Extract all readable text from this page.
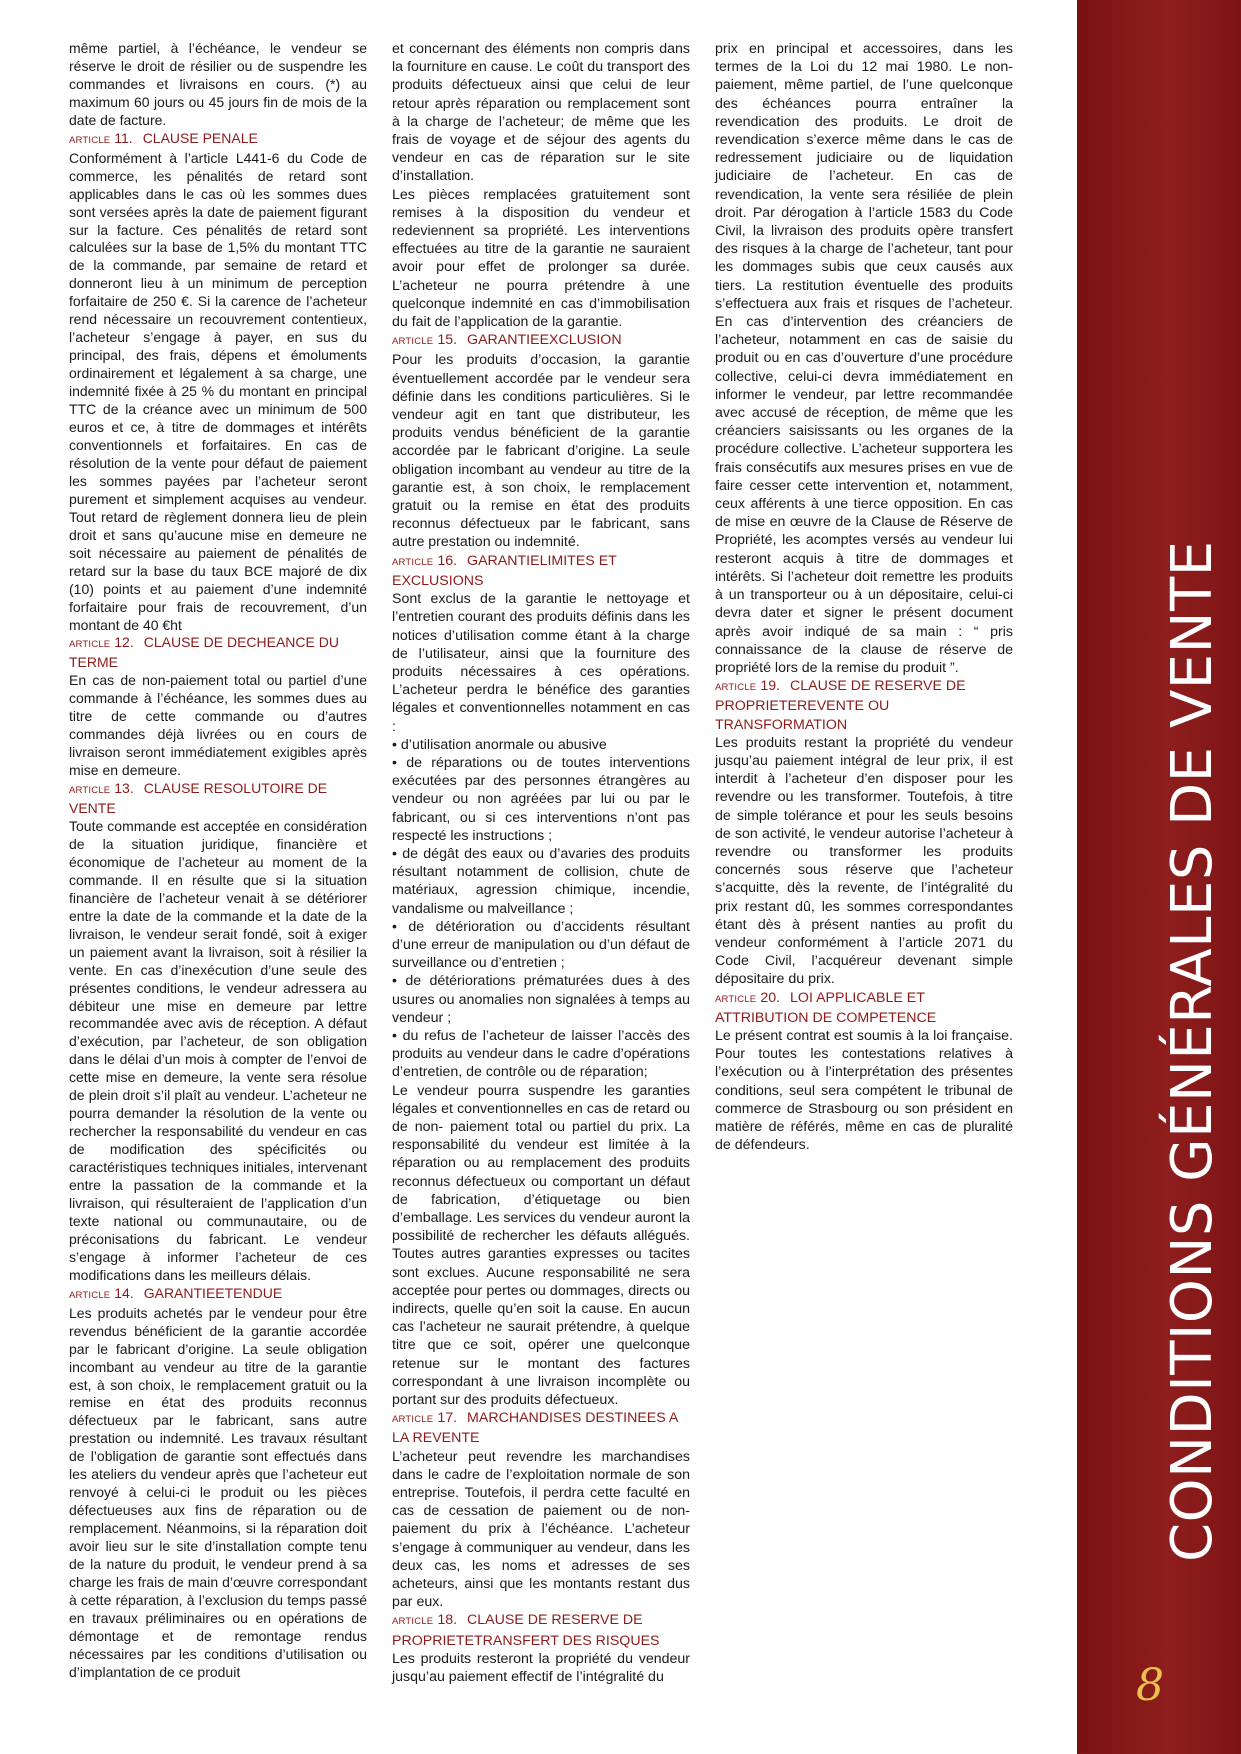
même partiel, à l’échéance, le vendeur se réserve le droit de résilier ou de suspendre les commandes et livraisons en cours. (*) au maximum 60 jours ou 45 jours fin de mois de la date de facture.

ARTICLE 11. CLAUSE PENALE

Conformément à l’article L441-6 du Code de commerce, les pénalités de retard sont applicables dans le cas où les sommes dues sont versées après la date de paiement figurant sur la facture. Ces pénalités de retard sont calculées sur la base de 1,5% du montant TTC de la commande, par semaine de retard et donneront lieu à un minimum de perception forfaitaire de 250 €. Si la carence de l’acheteur rend nécessaire un recouvrement contentieux, l’acheteur s’engage à payer, en sus du principal, des frais, dépens et émoluments ordinairement et légalement à sa charge, une indemnité fixée à 25 % du montant en principal TTC de la créance avec un minimum de 500 euros et ce, à titre de dommages et intérêts conventionnels et forfaitaires. En cas de résolution de la vente pour défaut de paiement les sommes payées par l’acheteur seront purement et simplement acquises au vendeur. Tout retard de règlement donnera lieu de plein droit et sans qu’aucune mise en demeure ne soit nécessaire au paiement de pénalités de retard sur la base du taux BCE majoré de dix (10) points et au paiement d’une indemnité forfaitaire pour frais de recouvrement, d’un montant de 40 €ht

ARTICLE 12. CLAUSE DE DECHEANCE DU TERME

En cas de non-paiement total ou partiel d’une commande à l’échéance, les sommes dues au titre de cette commande ou d’autres commandes déjà livrées ou en cours de livraison seront immédiatement exigibles après mise en demeure.

ARTICLE 13. CLAUSE RESOLUTOIRE DE VENTE

Toute commande est acceptée en considération de la situation juridique, financière et économique de l’acheteur au moment de la commande. Il en résulte que si la situation financière de l’acheteur venait à se détériorer entre la date de la commande et la date de la livraison, le vendeur serait fondé, soit à exiger un paiement avant la livraison, soit à résilier la vente. En cas d’inexécution d’une seule des présentes conditions, le vendeur adressera au débiteur une mise en demeure par lettre recommandée avec avis de réception. A défaut d’exécution, par l’acheteur, de son obligation dans le délai d’un mois à compter de l’envoi de cette mise en demeure, la vente sera résolue de plein droit s’il plaît au vendeur. L’acheteur ne pourra demander la résolution de la vente ou rechercher la responsabilité du vendeur en cas de modification des spécificités ou caractéristiques techniques initiales, intervenant entre la passation de la commande et la livraison, qui résulteraient de l’application d’un texte national ou communautaire, ou de préconisations du fabricant. Le vendeur s’engage à informer l’acheteur de ces modifications dans les meilleurs délais.

ARTICLE 14. GARANTIEETENDUE

Les produits achetés par le vendeur pour être revendus bénéficient de la garantie accordée par le fabricant d’origine. La seule obligation incombant au vendeur au titre de la garantie est, à son choix, le remplacement gratuit ou la remise en état des produits reconnus défectueux par le fabricant, sans autre prestation ou indemnité. Les travaux résultant de l’obligation de garantie sont effectués dans les ateliers du vendeur après que l’acheteur eut renvoyé à celui-ci le produit ou les pièces défectueuses aux fins de réparation ou de remplacement. Néanmoins, si la réparation doit avoir lieu sur le site d’installation compte tenu de la nature du produit, le vendeur prend à sa charge les frais de main d’œuvre correspondant à cette réparation, à l’exclusion du temps passé en travaux préliminaires ou en opérations de démontage et de remontage rendus nécessaires par les conditions d’utilisation ou d’implantation de ce produit

et concernant des éléments non compris dans la fourniture en cause. Le coût du transport des produits défectueux ainsi que celui de leur retour après réparation ou remplacement sont à la charge de l’acheteur; de même que les frais de voyage et de séjour des agents du vendeur en cas de réparation sur le site d’installation.

Les pièces remplacées gratuitement sont remises à la disposition du vendeur et redeviennent sa propriété. Les interventions effectuées au titre de la garantie ne sauraient avoir pour effet de prolonger sa durée. L’acheteur ne pourra prétendre à une quelconque indemnité en cas d’immobilisation du fait de l’application de la garantie.

ARTICLE 15. GARANTIEEXCLUSION

Pour les produits d’occasion, la garantie éventuellement accordée par le vendeur sera définie dans les conditions particulières. Si le vendeur agit en tant que distributeur, les produits vendus bénéficient de la garantie accordée par le fabricant d’origine. La seule obligation incombant au vendeur au titre de la garantie est, à son choix, le remplacement gratuit ou la remise en état des produits reconnus défectueux par le fabricant, sans autre prestation ou indemnité.

ARTICLE 16. GARANTIELIMITES ET EXCLUSIONS

Sont exclus de la garantie le nettoyage et l’entretien courant des produits définis dans les notices d’utilisation comme étant à la charge de l’utilisateur, ainsi que la fourniture des produits nécessaires à ces opérations. L’acheteur perdra le bénéfice des garanties légales et conventionnelles notamment en cas :

• d’utilisation anormale ou abusive

• de réparations ou de toutes interventions exécutées par des personnes étrangères au vendeur ou non agréées par lui ou par le fabricant, ou si ces interventions n’ont pas respecté les instructions ;

• de dégât des eaux ou d’avaries des produits résultant notamment de collision, chute de matériaux, agression chimique, incendie, vandalisme ou malveillance ;

• de détérioration ou d’accidents résultant d’une erreur de manipulation ou d’un défaut de surveillance ou d’entretien ;

• de détériorations prématurées dues à des usures ou anomalies non signalées à temps au vendeur ;

• du refus de l’acheteur de laisser l’accès des produits au vendeur dans le cadre d’opérations d’entretien, de contrôle ou de réparation;

Le vendeur pourra suspendre les garanties légales et conventionnelles en cas de retard ou de non- paiement total ou partiel du prix. La responsabilité du vendeur est limitée à la réparation ou au remplacement des produits reconnus défectueux ou comportant un défaut de fabrication, d’étiquetage ou bien d’emballage. Les services du vendeur auront la possibilité de rechercher les défauts allégués. Toutes autres garanties expresses ou tacites sont exclues. Aucune responsabilité ne sera acceptée pour pertes ou dommages, directs ou indirects, quelle qu’en soit la cause. En aucun cas l’acheteur ne saurait prétendre, à quelque titre que ce soit, opérer une quelconque retenue sur le montant des factures correspondant à une livraison incomplète ou portant sur des produits défectueux.

ARTICLE 17. MARCHANDISES DESTINEES A LA REVENTE

L’acheteur peut revendre les marchandises dans le cadre de l’exploitation normale de son entreprise. Toutefois, il perdra cette faculté en cas de cessation de paiement ou de non-paiement du prix à l’échéance. L’acheteur s’engage à communiquer au vendeur, dans les deux cas, les noms et adresses de ses acheteurs, ainsi que les montants restant dus par eux.

ARTICLE 18. CLAUSE DE RESERVE DE PROPRIETETRANSFERT DES RISQUES

Les produits resteront la propriété du vendeur jusqu’au paiement effectif de l’intégralité du

prix en principal et accessoires, dans les termes de la Loi du 12 mai 1980. Le non-paiement, même partiel, de l’une quelconque des échéances pourra entraîner la revendication des produits. Le droit de revendication s’exerce même dans le cas de redressement judiciaire ou de liquidation judiciaire de l’acheteur. En cas de revendication, la vente sera résiliée de plein droit. Par dérogation à l’article 1583 du Code Civil, la livraison des produits opère transfert des risques à la charge de l’acheteur, tant pour les dommages subis que ceux causés aux tiers. La restitution éventuelle des produits s’effectuera aux frais et risques de l’acheteur. En cas d’intervention des créanciers de l’acheteur, notamment en cas de saisie du produit ou en cas d’ouverture d’une procédure collective, celui-ci devra immédiatement en informer le vendeur, par lettre recommandée avec accusé de réception, de même que les créanciers saisissants ou les organes de la procédure collective. L’acheteur supportera les frais consécutifs aux mesures prises en vue de faire cesser cette intervention et, notamment, ceux afférents à une tierce opposition. En cas de mise en œuvre de la Clause de Réserve de Propriété, les acomptes versés au vendeur lui resteront acquis à titre de dommages et intérêts. Si l’acheteur doit remettre les produits à un transporteur ou à un dépositaire, celui-ci devra dater et signer le présent document après avoir indiqué de sa main : “ pris connaissance de la clause de réserve de propriété lors de la remise du produit ”.

ARTICLE 19. CLAUSE DE RESERVE DE PROPRIETEREVENTE OU TRANSFORMATION

Les produits restant la propriété du vendeur jusqu’au paiement intégral de leur prix, il est interdit à l’acheteur d’en disposer pour les revendre ou les transformer. Toutefois, à titre de simple tolérance et pour les seuls besoins de son activité, le vendeur autorise l’acheteur à revendre ou transformer les produits concernés sous réserve que l’acheteur s’acquitte, dès la revente, de l’intégralité du prix restant dû, les sommes correspondantes étant dès à présent nanties au profit du vendeur conformément à l’article 2071 du Code Civil, l’acquéreur devenant simple dépositaire du prix.

ARTICLE 20. LOI APPLICABLE ET ATTRIBUTION DE COMPETENCE

Le présent contrat est soumis à la loi française. Pour toutes les contestations relatives à l’exécution ou à l’interprétation des présentes conditions, seul sera compétent le tribunal de commerce de Strasbourg ou son président en matière de référés, même en cas de pluralité de défendeurs.	CONDITIONS GÉNÉRALES DE VENTE
8
